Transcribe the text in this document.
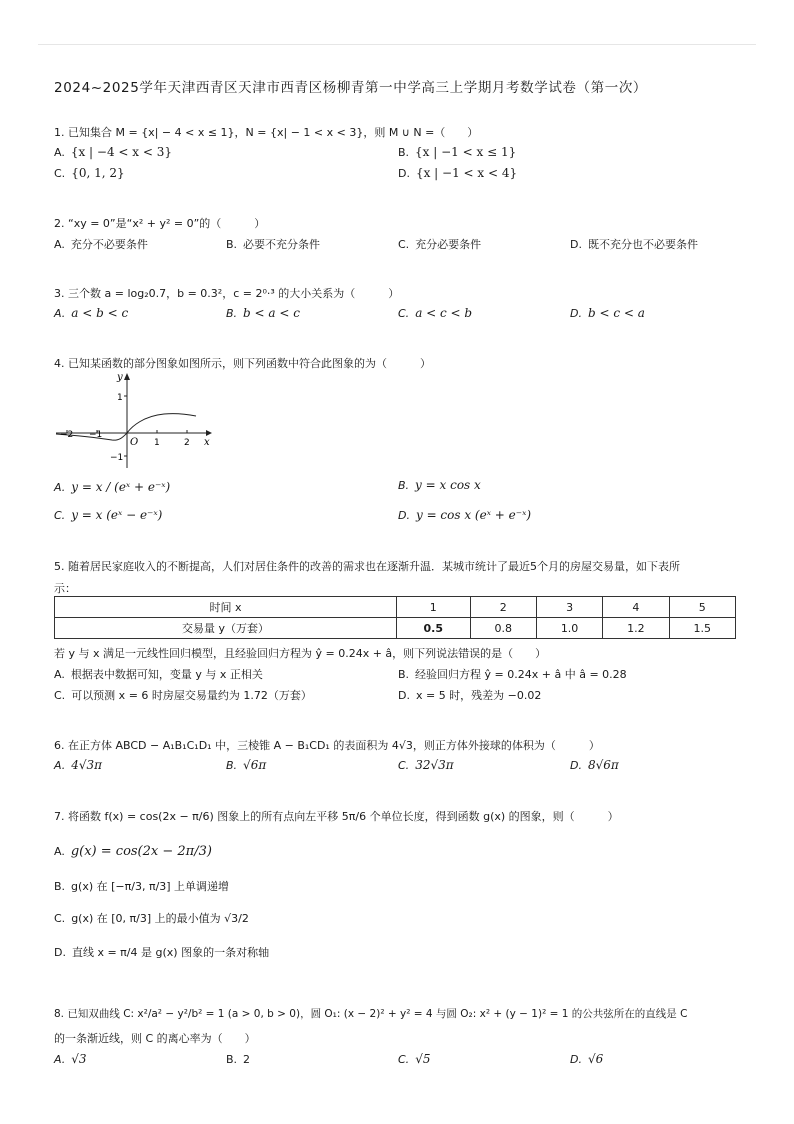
2024~2025学年天津西青区天津市西青区杨柳青第一中学高三上学期月考数学试卷（第一次）
1. 已知集合 M = {x| − 4 < x ≤ 1}，N = {x| − 1 < x < 3}，则 M ∪ N =（　　）
A. {x | −4 < x < 3}	B. {x | −1 < x ≤ 1}
C. {0, 1, 2}	D. {x | −1 < x < 4}
2. “xy = 0”是“x² + y² = 0”的（　　　）
A. 充分不必要条件	B. 必要不充分条件	C. 充分必要条件	D. 既不充分也不必要条件
3. 三个数 a = log₂0.7，b = 0.3²，c = 2⁰·³ 的大小关系为（　　　）
A. a < b < c	B. b < a < c	C. a < c < b	D. b < c < a
4. 已知某函数的部分图象如图所示，则下列函数中符合此图象的为（　　　）
y
x
O
1
−1
−2 −1
1	2
A. y = x / (eˣ + e⁻ˣ)	B. y = x cos x
C. y = x (eˣ − e⁻ˣ)	D. y = cos x (eˣ + e⁻ˣ)
5. 随着居民家庭收入的不断提高，人们对居住条件的改善的需求也在逐渐升温．某城市统计了最近5个月的房屋交易量，如下表所
示：
时间 x	1	2	3	4	5
交易量 y（万套）	0.5	0.8	1.0	1.2	1.5
若 y 与 x 满足一元线性回归模型，且经验回归方程为 ŷ = 0.24x + â，则下列说法错误的是（　　）
A. 根据表中数据可知，变量 y 与 x 正相关	B. 经验回归方程 ŷ = 0.24x + â 中 â = 0.28
C. 可以预测 x = 6 时房屋交易量约为 1.72（万套）	D. x = 5 时，残差为 −0.02
6. 在正方体 ABCD − A₁B₁C₁D₁ 中，三棱锥 A − B₁CD₁ 的表面积为 4√3，则正方体外接球的体积为（　　　）
A. 4√3π	B. √6π	C. 32√3π	D. 8√6π
7. 将函数 f(x) = cos(2x − π/6) 图象上的所有点向左平移 5π/6 个单位长度，得到函数 g(x) 的图象，则（　　　）
A. g(x) = cos(2x − 2π/3)
B. g(x) 在 [−π/3, π/3] 上单调递增
C. g(x) 在 [0, π/3] 上的最小值为 √3/2
D. 直线 x = π/4 是 g(x) 图象的一条对称轴
8. 已知双曲线 C: x²/a² − y²/b² = 1 (a > 0, b > 0)，圆 O₁: (x − 2)² + y² = 4 与圆 O₂: x² + (y − 1)² = 1 的公共弦所在的直线是 C
的一条渐近线，则 C 的离心率为（　　）
A. √3	B. 2	C. √5	D. √6
